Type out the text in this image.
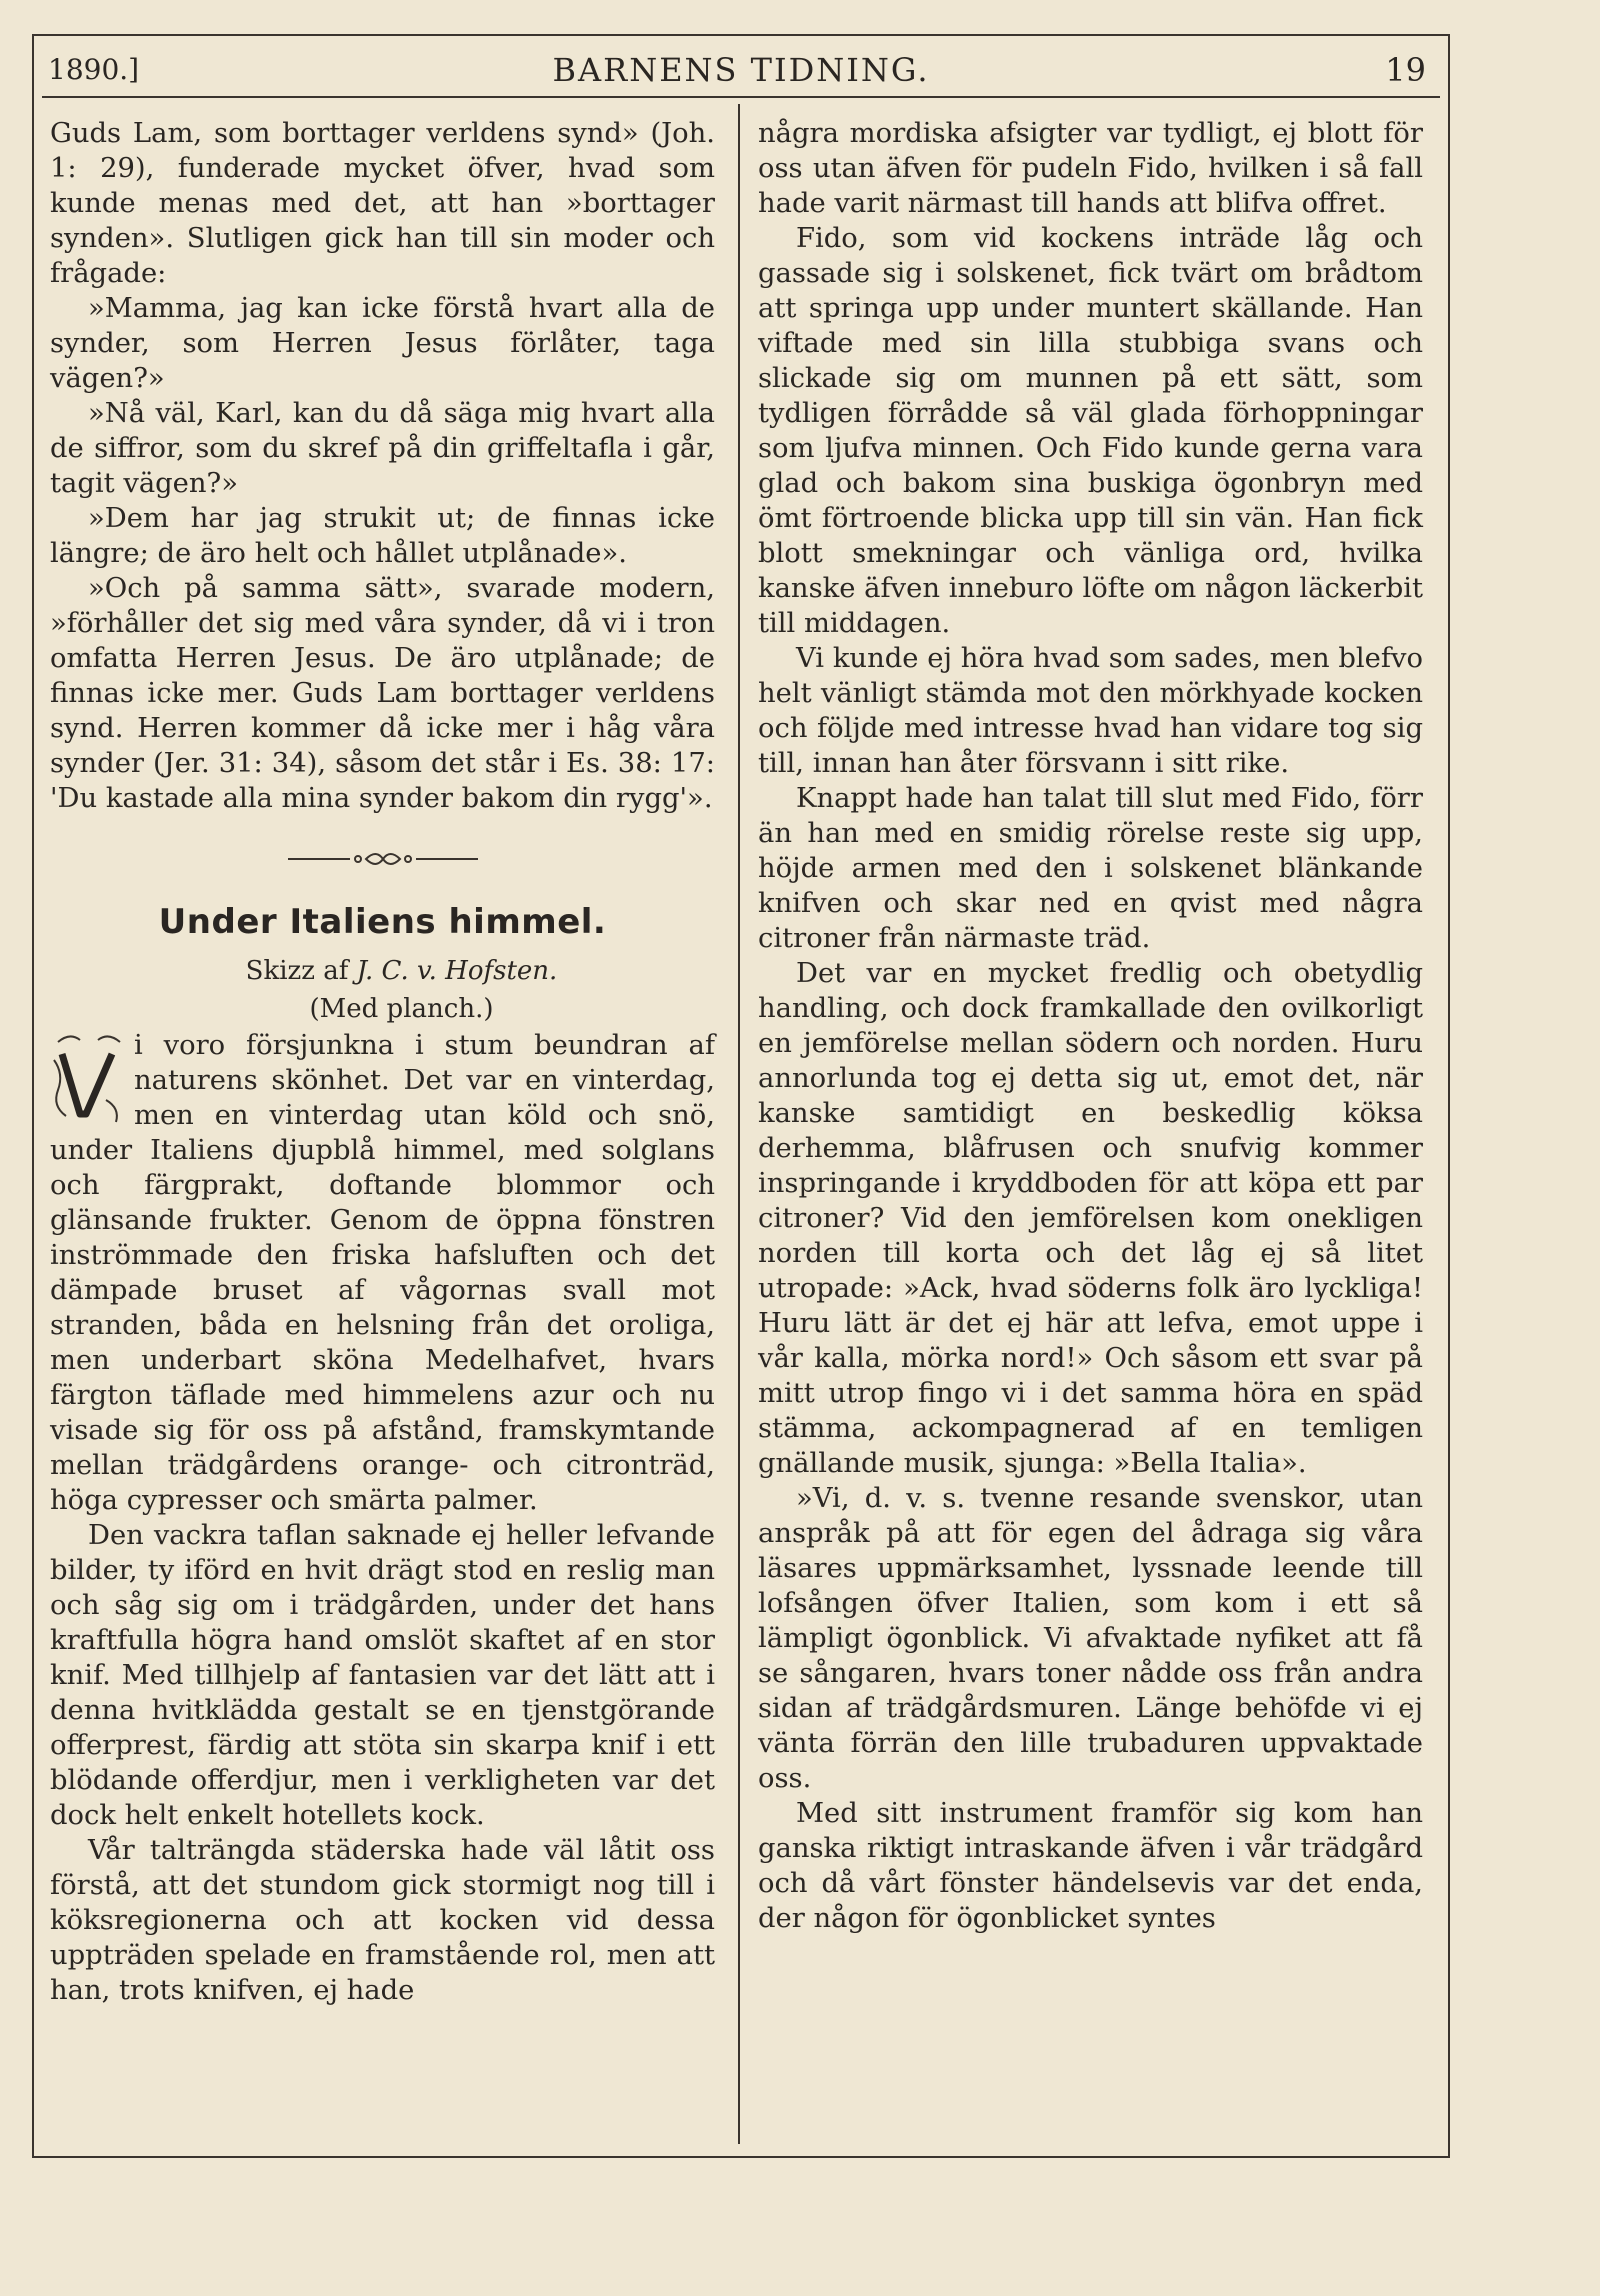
1890.]	BARNENS TIDNING.	19

Guds Lam, som borttager verldens synd» (Joh. 1: 29), funderade mycket öfver, hvad som kunde menas med det, att han »borttager synden». Slutligen gick han till sin moder och frågade:

»Mamma, jag kan icke förstå hvart alla de synder, som Herren Jesus förlåter, taga vägen?»

»Nå väl, Karl, kan du då säga mig hvart alla de siffror, som du skref på din griffeltafla i går, tagit vägen?»

»Dem har jag strukit ut; de finnas icke längre; de äro helt och hållet utplånade».

»Och på samma sätt», svarade modern, »förhåller det sig med våra synder, då vi i tron omfatta Herren Jesus. De äro utplånade; de finnas icke mer. Guds Lam borttager verldens synd. Herren kommer då icke mer i håg våra synder (Jer. 31: 34), såsom det står i Es. 38: 17: 'Du kastade alla mina synder bakom din rygg'».

Under Italiens himmel.

Skizz af J. C. v. Hofsten.

(Med planch.)

i voro försjunkna i stum beundran af naturens skönhet. Det var en vinterdag, men en vinterdag utan köld och snö, under Italiens djupblå himmel, med solglans och färgprakt, doftande blommor och glänsande frukter. Genom de öppna fönstren inströmmade den friska hafsluften och det dämpade bruset af vågornas svall mot stranden, båda en helsning från det oroliga, men underbart sköna Medelhafvet, hvars färgton täflade med himmelens azur och nu visade sig för oss på afstånd, framskymtande mellan trädgårdens orange- och citronträd, höga cypresser och smärta palmer.

Den vackra taflan saknade ej heller lefvande bilder, ty iförd en hvit drägt stod en reslig man och såg sig om i trädgården, under det hans kraftfulla högra hand omslöt skaftet af en stor knif. Med tillhjelp af fantasien var det lätt att i denna hvitklädda gestalt se en tjenstgörande offerprest, färdig att stöta sin skarpa knif i ett blödande offerdjur, men i verkligheten var det dock helt enkelt hotellets kock.

Vår talträngda städerska hade väl låtit oss förstå, att det stundom gick stormigt nog till i köksregionerna och att kocken vid dessa uppträden spelade en framstående rol, men att han, trots knifven, ej hade

några mordiska afsigter var tydligt, ej blott för oss utan äfven för pudeln Fido, hvilken i så fall hade varit närmast till hands att blifva offret.

Fido, som vid kockens inträde låg och gassade sig i solskenet, fick tvärt om brådtom att springa upp under muntert skällande. Han viftade med sin lilla stubbiga svans och slickade sig om munnen på ett sätt, som tydligen förrådde så väl glada förhoppningar som ljufva minnen. Och Fido kunde gerna vara glad och bakom sina buskiga ögonbryn med ömt förtroende blicka upp till sin vän. Han fick blott smekningar och vänliga ord, hvilka kanske äfven inneburo löfte om någon läckerbit till middagen.

Vi kunde ej höra hvad som sades, men blefvo helt vänligt stämda mot den mörkhyade kocken och följde med intresse hvad han vidare tog sig till, innan han åter försvann i sitt rike.

Knappt hade han talat till slut med Fido, förr än han med en smidig rörelse reste sig upp, höjde armen med den i solskenet blänkande knifven och skar ned en qvist med några citroner från närmaste träd.

Det var en mycket fredlig och obetydlig handling, och dock framkallade den ovilkorligt en jemförelse mellan södern och norden. Huru annorlunda tog ej detta sig ut, emot det, när kanske samtidigt en beskedlig köksa derhemma, blåfrusen och snufvig kommer inspringande i kryddboden för att köpa ett par citroner? Vid den jemförelsen kom onekligen norden till korta och det låg ej så litet utropade: »Ack, hvad söderns folk äro lyckliga! Huru lätt är det ej här att lefva, emot uppe i vår kalla, mörka nord!» Och såsom ett svar på mitt utrop fingo vi i det samma höra en späd stämma, ackompagnerad af en temligen gnällande musik, sjunga: »Bella Italia».

»Vi, d. v. s. tvenne resande svenskor, utan anspråk på att för egen del ådraga sig våra läsares uppmärksamhet, lyssnade leende till lofsången öfver Italien, som kom i ett så lämpligt ögonblick. Vi afvaktade nyfiket att få se sångaren, hvars toner nådde oss från andra sidan af trädgårdsmuren. Länge behöfde vi ej vänta förrän den lille trubaduren uppvaktade oss.

Med sitt instrument framför sig kom han ganska riktigt intraskande äfven i vår trädgård och då vårt fönster händelsevis var det enda, der någon för ögonblicket syntes
